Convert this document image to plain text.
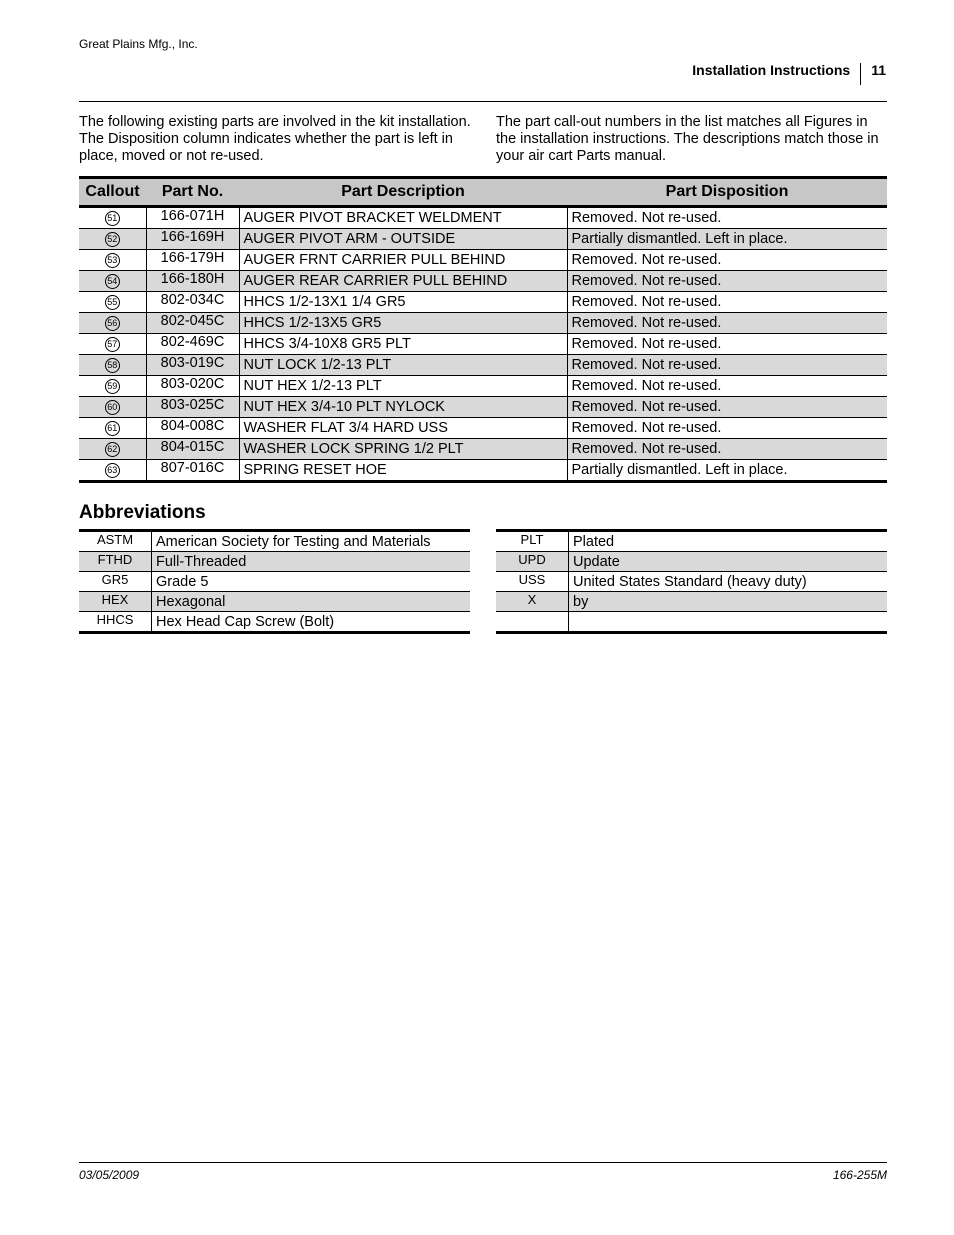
Great Plains Mfg., Inc.
Installation Instructions 11
The following existing parts are involved in the kit installation. The Disposition column indicates whether the part is left in place, moved or not re-used.
The part call-out numbers in the list matches all Figures in the installation instructions. The descriptions match those in your air cart Parts manual.
Callout	Part No.	Part Description	Part Disposition
51	166-071H	AUGER PIVOT BRACKET WELDMENT	Removed. Not re-used.
52	166-169H	AUGER PIVOT ARM - OUTSIDE	Partially dismantled. Left in place.
53	166-179H	AUGER FRNT CARRIER PULL BEHIND	Removed. Not re-used.
54	166-180H	AUGER REAR CARRIER PULL BEHIND	Removed. Not re-used.
55	802-034C	HHCS 1/2-13X1 1/4 GR5	Removed. Not re-used.
56	802-045C	HHCS 1/2-13X5 GR5	Removed. Not re-used.
57	802-469C	HHCS 3/4-10X8 GR5 PLT	Removed. Not re-used.
58	803-019C	NUT LOCK 1/2-13 PLT	Removed. Not re-used.
59	803-020C	NUT HEX 1/2-13 PLT	Removed. Not re-used.
60	803-025C	NUT HEX 3/4-10 PLT NYLOCK	Removed. Not re-used.
61	804-008C	WASHER FLAT 3/4 HARD USS	Removed. Not re-used.
62	804-015C	WASHER LOCK SPRING 1/2 PLT	Removed. Not re-used.
63	807-016C	SPRING RESET HOE	Partially dismantled. Left in place.
Abbreviations
ASTM	American Society for Testing and Materials
FTHD	Full-Threaded
GR5	Grade 5
HEX	Hexagonal
HHCS	Hex Head Cap Screw (Bolt)
PLT	Plated
UPD	Update
USS	United States Standard (heavy duty)
X	by

03/05/2009	166-255M
